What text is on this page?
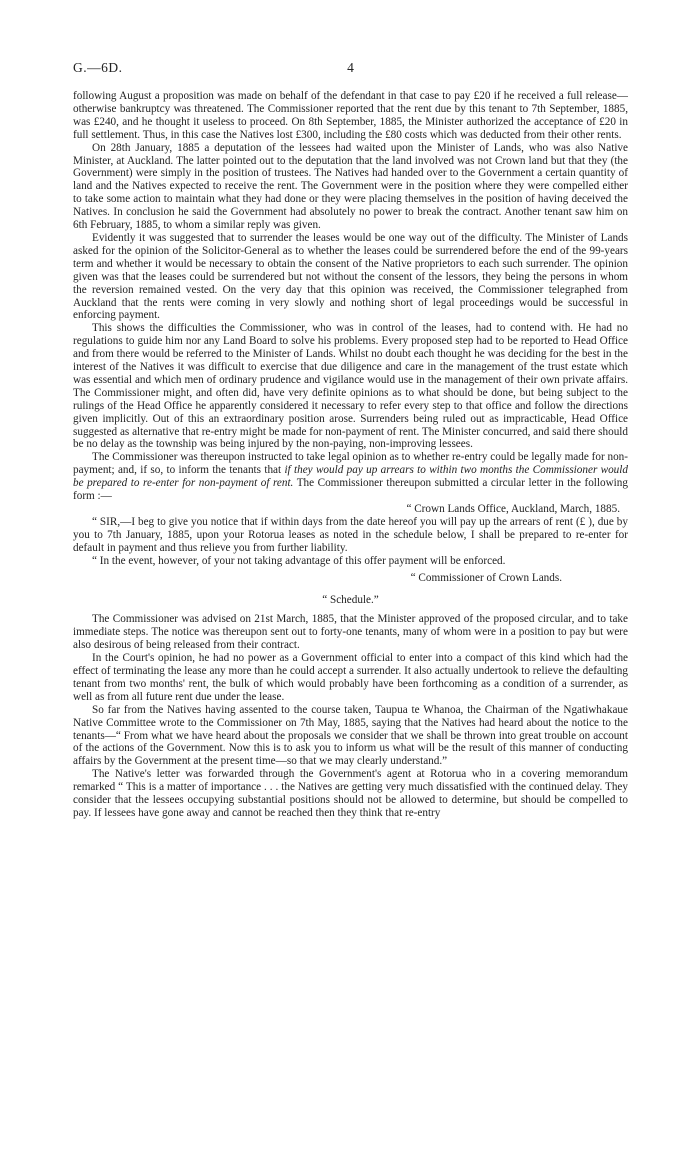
G.—6D.	4

following August a proposition was made on behalf of the defendant in that case to pay £20 if he received a full release—otherwise bankruptcy was threatened. The Commissioner reported that the rent due by this tenant to 7th September, 1885, was £240, and he thought it useless to proceed. On 8th September, 1885, the Minister authorized the acceptance of £20 in full settlement. Thus, in this case the Natives lost £300, including the £80 costs which was deducted from their other rents.

On 28th January, 1885 a deputation of the lessees had waited upon the Minister of Lands, who was also Native Minister, at Auckland. The latter pointed out to the deputation that the land involved was not Crown land but that they (the Government) were simply in the position of trustees. The Natives had handed over to the Government a certain quantity of land and the Natives expected to receive the rent. The Government were in the position where they were compelled either to take some action to maintain what they had done or they were placing themselves in the position of having deceived the Natives. In conclusion he said the Government had absolutely no power to break the contract. Another tenant saw him on 6th February, 1885, to whom a similar reply was given.

Evidently it was suggested that to surrender the leases would be one way out of the difficulty. The Minister of Lands asked for the opinion of the Solicitor-General as to whether the leases could be surrendered before the end of the 99-years term and whether it would be necessary to obtain the consent of the Native proprietors to each such surrender. The opinion given was that the leases could be surrendered but not without the consent of the lessors, they being the persons in whom the reversion remained vested. On the very day that this opinion was received, the Commissioner telegraphed from Auckland that the rents were coming in very slowly and nothing short of legal proceedings would be successful in enforcing payment.

This shows the difficulties the Commissioner, who was in control of the leases, had to contend with. He had no regulations to guide him nor any Land Board to solve his problems. Every proposed step had to be reported to Head Office and from there would be referred to the Minister of Lands. Whilst no doubt each thought he was deciding for the best in the interest of the Natives it was difficult to exercise that due diligence and care in the management of the trust estate which was essential and which men of ordinary prudence and vigilance would use in the management of their own private affairs. The Commissioner might, and often did, have very definite opinions as to what should be done, but being subject to the rulings of the Head Office he apparently considered it necessary to refer every step to that office and follow the directions given implicitly. Out of this an extraordinary position arose. Surrenders being ruled out as impracticable, Head Office suggested as alternative that re-entry might be made for non-payment of rent. The Minister concurred, and said there should be no delay as the township was being injured by the non-paying, non-improving lessees.

The Commissioner was thereupon instructed to take legal opinion as to whether re-entry could be legally made for non-payment; and, if so, to inform the tenants that if they would pay up arrears to within two months the Commissioner would be prepared to re-enter for non-payment of rent. The Commissioner thereupon submitted a circular letter in the following form :—

“ Crown Lands Office, Auckland, March, 1885.

“ SIR,—I beg to give you notice that if within days from the date hereof you will pay up the arrears of rent (£ ), due by you to 7th January, 1885, upon your Rotorua leases as noted in the schedule below, I shall be prepared to re-enter for default in payment and thus relieve you from further liability.

“ In the event, however, of your not taking advantage of this offer payment will be enforced.

“ Commissioner of Crown Lands.

“ Schedule.”

The Commissioner was advised on 21st March, 1885, that the Minister approved of the proposed circular, and to take immediate steps. The notice was thereupon sent out to forty-one tenants, many of whom were in a position to pay but were also desirous of being released from their contract.

In the Court's opinion, he had no power as a Government official to enter into a compact of this kind which had the effect of terminating the lease any more than he could accept a surrender. It also actually undertook to relieve the defaulting tenant from two months' rent, the bulk of which would probably have been forthcoming as a condition of a surrender, as well as from all future rent due under the lease.

So far from the Natives having assented to the course taken, Taupua te Whanoa, the Chairman of the Ngatiwhakaue Native Committee wrote to the Commissioner on 7th May, 1885, saying that the Natives had heard about the notice to the tenants—“ From what we have heard about the proposals we consider that we shall be thrown into great trouble on account of the actions of the Government. Now this is to ask you to inform us what will be the result of this manner of conducting affairs by the Government at the present time—so that we may clearly understand.”

The Native's letter was forwarded through the Government's agent at Rotorua who in a covering memorandum remarked “ This is a matter of importance . . . the Natives are getting very much dissatisfied with the continued delay. They consider that the lessees occupying substantial positions should not be allowed to determine, but should be compelled to pay. If lessees have gone away and cannot be reached then they think that re-entry
